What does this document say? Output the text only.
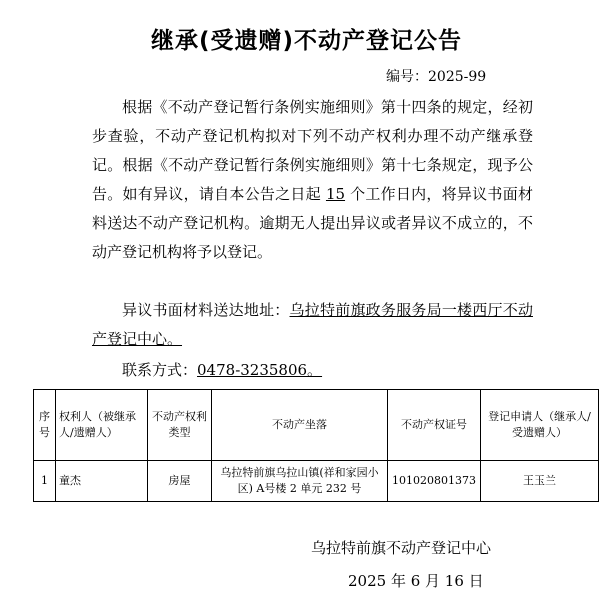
继承(受遗赠)不动产登记公告
编号：2025-99

根据《不动产登记暂行条例实施细则》第十四条的规定，经初步查验，不动产登记机构拟对下列不动产权利办理不动产继承登记。根据《不动产登记暂行条例实施细则》第十七条规定，现予公告。如有异议，请自本公告之日起 15 个工作日内，将异议书面材料送达不动产登记机构。逾期无人提出异议或者异议不成立的，不动产登记机构将予以登记。

异议书面材料送达地址：乌拉特前旗政务服务局一楼西厅不动产登记中心。

联系方式：0478-3235806。
序号	权利人（被继承人/遗赠人）	不动产权利类型	不动产坐落	不动产权证号	登记申请人（继承人/受遗赠人）
1	童杰	房屋	乌拉特前旗乌拉山镇(祥和家园小区) A号楼 2 单元 232 号	101020801373	王玉兰
乌拉特前旗不动产登记中心
2025 年 6 月 16 日
